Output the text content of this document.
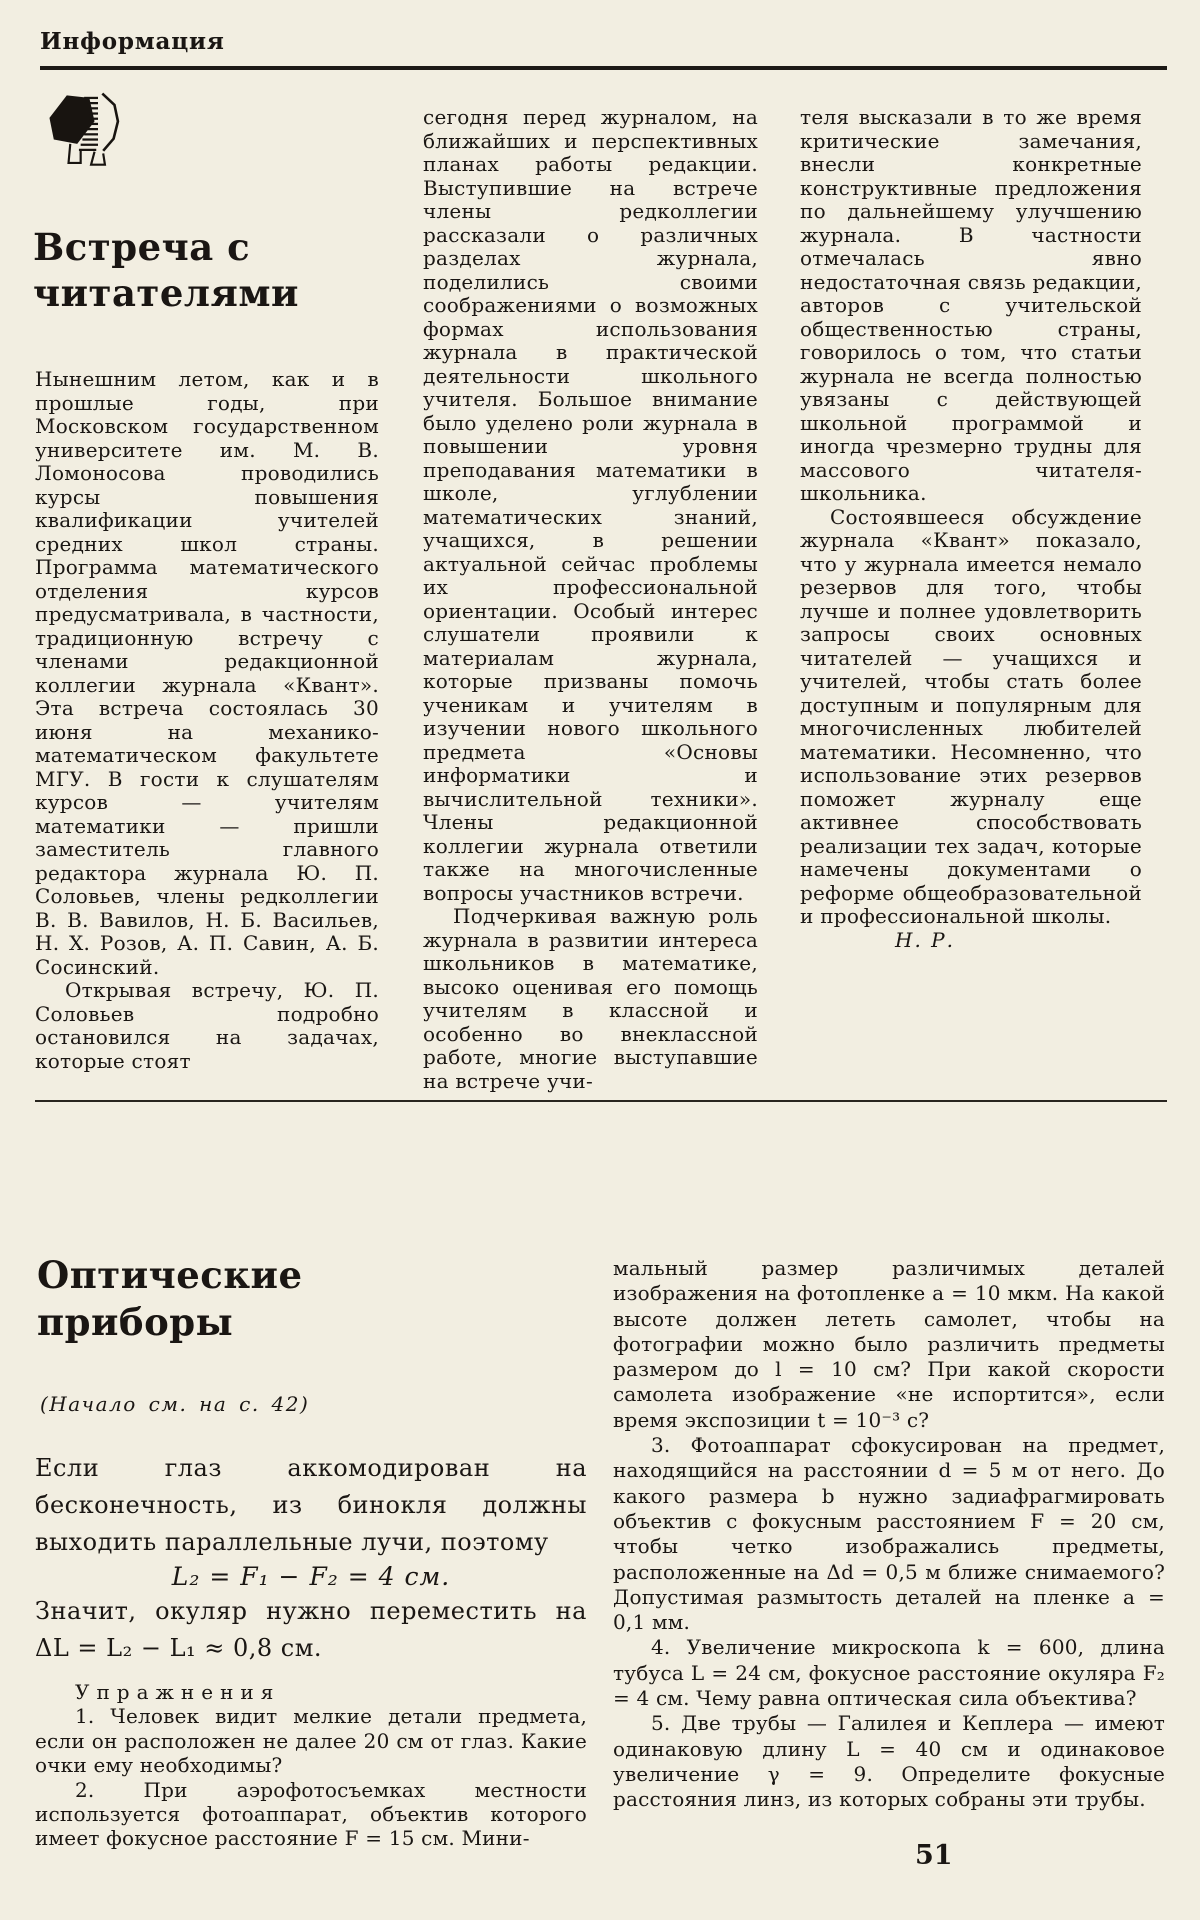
Информация
Встреча с
читателями

Нынешним летом, как и в прошлые годы, при Московском государственном университете им. М. В. Ломоносова проводились курсы повышения квалификации учителей средних школ страны. Программа математического отделения курсов предусматривала, в частности, традиционную встречу с членами редакционной коллегии журнала «Квант». Эта встреча состоялась 30 июня на механико-математическом факультете МГУ. В гости к слушателям курсов — учителям математики — пришли заместитель главного редактора журнала Ю. П. Соловьев, члены редколлегии В. В. Вавилов, Н. Б. Васильев, Н. Х. Розов, А. П. Савин, А. Б. Сосинский.

Открывая встречу, Ю. П. Соловьев подробно остановился на задачах, которые стоят

сегодня перед журналом, на ближайших и перспективных планах работы редакции. Выступившие на встрече члены редколлегии рассказали о различных разделах журнала, поделились своими соображениями о возможных формах использования журнала в практической деятельности школьного учителя. Большое внимание было уделено роли журнала в повышении уровня преподавания математики в школе, углублении математических знаний, учащихся, в решении актуальной сейчас проблемы их профессиональной ориентации. Особый интерес слушатели проявили к материалам журнала, которые призваны помочь ученикам и учителям в изучении нового школьного предмета «Основы информатики и вычислительной техники». Члены редакционной коллегии журнала ответили также на многочисленные вопросы участников встречи.

Подчеркивая важную роль журнала в развитии интереса школьников в математике, высоко оценивая его помощь учителям в классной и особенно во внеклассной работе, многие выступавшие на встрече учи-

теля высказали в то же время критические замечания, внесли конкретные конструктивные предложения по дальнейшему улучшению журнала. В частности отмечалась явно недостаточная связь редакции, авторов с учительской общественностью страны, говорилось о том, что статьи журнала не всегда полностью увязаны с действующей школьной программой и иногда чрезмерно трудны для массового читателя-школьника.

Состоявшееся обсуждение журнала «Квант» показало, что у журнала имеется немало резервов для того, чтобы лучше и полнее удовлетворить запросы своих основных читателей — учащихся и учителей, чтобы стать более доступным и популярным для многочисленных любителей математики. Несомненно, что использование этих резервов поможет журналу еще активнее способствовать реализации тех задач, которые намечены документами о реформе общеобразовательной и профессиональной школы.

Н. Р.

Оптические
приборы
(Начало см. на с. 42)

Если глаз аккомодирован на бесконечность, из бинокля должны выходить параллельные лучи, поэтому

L₂ = F₁ − F₂ = 4 см.

Значит, окуляр нужно переместить на ΔL = L₂ − L₁ ≈ 0,8 см.

Упражнения

1. Человек видит мелкие детали предмета, если он расположен не далее 20 см от глаз. Какие очки ему необходимы?

2. При аэрофотосъемках местности используется фотоаппарат, объектив которого имеет фокусное расстояние F = 15 см. Мини-

мальный размер различимых деталей изображения на фотопленке a = 10 мкм. На какой высоте должен лететь самолет, чтобы на фотографии можно было различить предметы размером до l = 10 см? При какой скорости самолета изображение «не испортится», если время экспозиции t = 10⁻³ с?

3. Фотоаппарат сфокусирован на предмет, находящийся на расстоянии d = 5 м от него. До какого размера b нужно задиафрагмировать объектив с фокусным расстоянием F = 20 см, чтобы четко изображались предметы, расположенные на Δd = 0,5 м ближе снимаемого? Допустимая размытость деталей на пленке a = 0,1 мм.

4. Увеличение микроскопа k = 600, длина тубуса L = 24 см, фокусное расстояние окуляра F₂ = 4 см. Чему равна оптическая сила объектива?

5. Две трубы — Галилея и Кеплера — имеют одинаковую длину L = 40 см и одинаковое увеличение γ = 9. Определите фокусные расстояния линз, из которых собраны эти трубы.

51
